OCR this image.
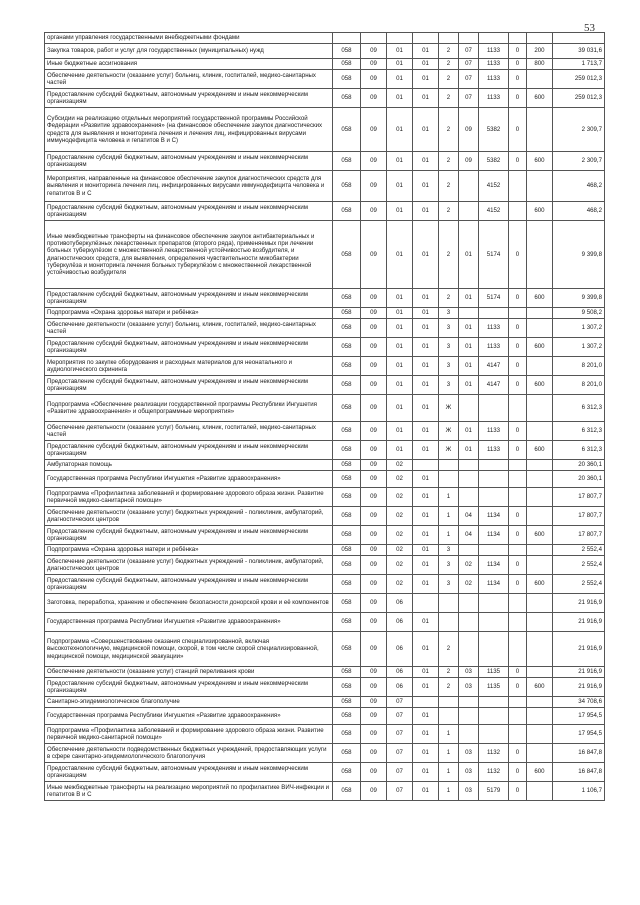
53
органами управления государственными внебюджетными фондами										
Закупка товаров, работ и услуг для государственных (муниципальных) нужд	058	09	01	01	2	07	1133	0	200	39 031,6
Иные бюджетные ассигнования	058	09	01	01	2	07	1133	0	800	1 713,7
Обеспечение деятельности (оказание услуг) больниц, клиник, госпиталей, медико-санитарных частей	058	09	01	01	2	07	1133	0		259 012,3
Предоставление субсидий бюджетным, автономным учреждениям и иным некоммерческим организациям	058	09	01	01	2	07	1133	0	600	259 012,3
Субсидии на реализацию отдельных мероприятий государственной программы Российской Федерации «Развитие здравоохранения» (на финансовое обеспечение закупок диагностических средств для выявления и мониторинга лечения и лечения лиц, инфицированных вирусами иммунодефицита человека и гепатитов В и С)	058	09	01	01	2	09	5382	0		2 309,7
Предоставление субсидий бюджетным, автономным учреждениям и иным некоммерческим организациям	058	09	01	01	2	09	5382	0	600	2 309,7
Мероприятия, направленные на финансовое обеспечение закупок диагностических средств для выявления и мониторинга лечения лиц, инфицированных вирусами иммунодефицита человека и гепатитов В и С	058	09	01	01	2		4152			468,2
Предоставление субсидий бюджетным, автономным учреждениям и иным некоммерческим организациям	058	09	01	01	2		4152		600	468,2
Иные межбюджетные трансферты на финансовое обеспечение закупок антибактериальных и противотуберкулёзных лекарственных препаратов (второго ряда), применяемых при лечении больных туберкулёзом с множественной лекарственной устойчивостью возбудителя, и диагностических средств, для выявления, определения чувствительности микобактерии туберкулёза и мониторинга лечения больных туберкулёзом с множественной лекарственной устойчивостью возбудителя	058	09	01	01	2	01	5174	0		9 399,8
Предоставление субсидий бюджетным, автономным учреждениям и иным некоммерческим организациям	058	09	01	01	2	01	5174	0	600	9 399,8
Подпрограмма «Охрана здоровья матери и ребёнка»	058	09	01	01	3					9 508,2
Обеспечение деятельности (оказание услуг) больниц, клиник, госпиталей, медико-санитарных частей	058	09	01	01	3	01	1133	0		1 307,2
Предоставление субсидий бюджетным, автономным учреждениям и иным некоммерческим организациям	058	09	01	01	3	01	1133	0	600	1 307,2
Мероприятия по закупке оборудования и расходных материалов для неонатального и аудиологического скрининга	058	09	01	01	3	01	4147	0		8 201,0
Предоставление субсидий бюджетным, автономным учреждениям и иным некоммерческим организациям	058	09	01	01	3	01	4147	0	600	8 201,0
Подпрограмма «Обеспечение реализации государственной программы Республики Ингушетия «Развитие здравоохранения» и общепрограммные мероприятия»	058	09	01	01	Ж					6 312,3
Обеспечение деятельности (оказание услуг) больниц, клиник, госпиталей, медико-санитарных частей	058	09	01	01	Ж	01	1133	0		6 312,3
Предоставление субсидий бюджетным, автономным учреждениям и иным некоммерческим организациям	058	09	01	01	Ж	01	1133	0	600	6 312,3
Амбулаторная помощь	058	09	02							20 360,1
Государственная программа Республики Ингушетия «Развитие здравоохранения»	058	09	02	01						20 360,1
Подпрограмма «Профилактика заболеваний и формирование здорового образа жизни. Развитие первичной медико-санитарной помощи»	058	09	02	01	1					17 807,7
Обеспечение деятельности (оказание услуг) бюджетных учреждений - поликлиник, амбулаторий, диагностических центров	058	09	02	01	1	04	1134	0		17 807,7
Предоставление субсидий бюджетным, автономным учреждениям и иным некоммерческим организациям	058	09	02	01	1	04	1134	0	600	17 807,7
Подпрограмма «Охрана здоровья матери и ребёнка»	058	09	02	01	3					2 552,4
Обеспечение деятельности (оказание услуг) бюджетных учреждений - поликлиник, амбулаторий, диагностических центров	058	09	02	01	3	02	1134	0		2 552,4
Предоставление субсидий бюджетным, автономным учреждениям и иным некоммерческим организациям	058	09	02	01	3	02	1134	0	600	2 552,4
Заготовка, переработка, хранение и обеспечение безопасности донорской крови и её компонентов	058	09	06							21 916,9
Государственная программа Республики Ингушетия «Развитие здравоохранения»	058	09	06	01						21 916,9
Подпрограмма «Совершенствование оказания специализированной, включая высокотехнологичную, медицинской помощи, скорой, в том числе скорой специализированной, медицинской помощи, медицинской эвакуации»	058	09	06	01	2					21 916,9
Обеспечение деятельности (оказание услуг) станций переливания крови	058	09	06	01	2	03	1135	0		21 916,9
Предоставление субсидий бюджетным, автономным учреждениям и иным некоммерческим организациям	058	09	06	01	2	03	1135	0	600	21 916,9
Санитарно-эпидемиологическое благополучие	058	09	07							34 708,6
Государственная программа Республики Ингушетия «Развитие здравоохранения»	058	09	07	01						17 954,5
Подпрограмма «Профилактика заболеваний и формирование здорового образа жизни. Развитие первичной медико-санитарной помощи»	058	09	07	01	1					17 954,5
Обеспечение деятельности подведомственных бюджетных учреждений, предоставляющих услуги в сфере санитарно-эпидемиологического благополучия	058	09	07	01	1	03	1132	0		16 847,8
Предоставление субсидий бюджетным, автономным учреждениям и иным некоммерческим организациям	058	09	07	01	1	03	1132	0	600	16 847,8
Иные межбюджетные трансферты на реализацию мероприятий по профилактике ВИЧ-инфекции и гепатитов В и С	058	09	07	01	1	03	5179	0		1 106,7
